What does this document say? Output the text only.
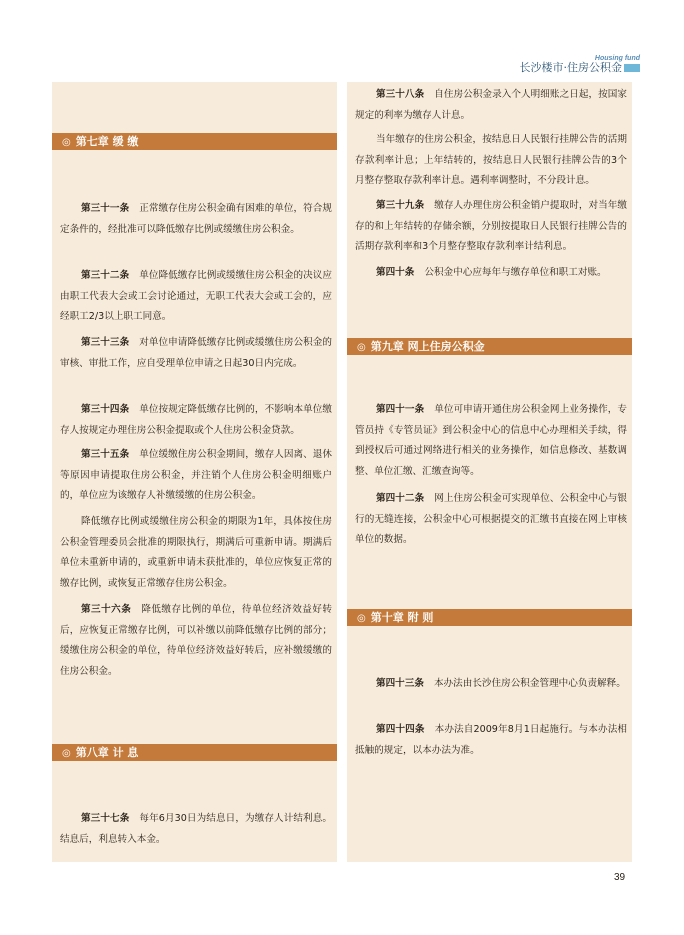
Housing fund
长沙楼市·住房公积金
◎ 第七章 缓 缴
第三十一条 正常缴存住房公积金确有困难的单位，符合规定条件的，经批准可以降低缴存比例或缓缴住房公积金。
第三十二条 单位降低缴存比例或缓缴住房公积金的决议应由职工代表大会或工会讨论通过，无职工代表大会或工会的，应经职工2/3以上职工同意。
第三十三条 对单位申请降低缴存比例或缓缴住房公积金的审核、审批工作，应自受理单位申请之日起30日内完成。
第三十四条 单位按规定降低缴存比例的，不影响本单位缴存人按规定办理住房公积金提取或个人住房公积金贷款。
第三十五条 单位缓缴住房公积金期间，缴存人因离、退休等原因申请提取住房公积金，并注销个人住房公积金明细账户的，单位应为该缴存人补缴缓缴的住房公积金。
降低缴存比例或缓缴住房公积金的期限为1年，具体按住房公积金管理委员会批准的期限执行，期满后可重新申请。期满后单位未重新申请的，或重新申请未获批准的，单位应恢复正常的缴存比例，或恢复正常缴存住房公积金。
第三十六条 降低缴存比例的单位，待单位经济效益好转后，应恢复正常缴存比例，可以补缴以前降低缴存比例的部分；缓缴住房公积金的单位，待单位经济效益好转后，应补缴缓缴的住房公积金。
◎ 第八章 计 息
第三十七条 每年6月30日为结息日，为缴存人计结利息。结息后，利息转入本金。
第三十八条 自住房公积金录入个人明细账之日起，按国家规定的利率为缴存人计息。
当年缴存的住房公积金，按结息日人民银行挂牌公告的活期存款利率计息；上年结转的，按结息日人民银行挂牌公告的3个月整存整取存款利率计息。遇利率调整时，不分段计息。
第三十九条 缴存人办理住房公积金销户提取时，对当年缴存的和上年结转的存储余额，分别按提取日人民银行挂牌公告的活期存款利率和3个月整存整取存款利率计结利息。
第四十条 公积金中心应每年与缴存单位和职工对账。
◎ 第九章 网上住房公积金
第四十一条 单位可申请开通住房公积金网上业务操作，专管员持《专管员证》到公积金中心的信息中心办理相关手续，得到授权后可通过网络进行相关的业务操作，如信息修改、基数调整、单位汇缴、汇缴查询等。
第四十二条 网上住房公积金可实现单位、公积金中心与银行的无缝连接，公积金中心可根据提交的汇缴书直接在网上审核单位的数据。
◎ 第十章 附 则
第四十三条 本办法由长沙住房公积金管理中心负责解释。
第四十四条 本办法自2009年8月1日起施行。与本办法相抵触的规定，以本办法为准。
39
